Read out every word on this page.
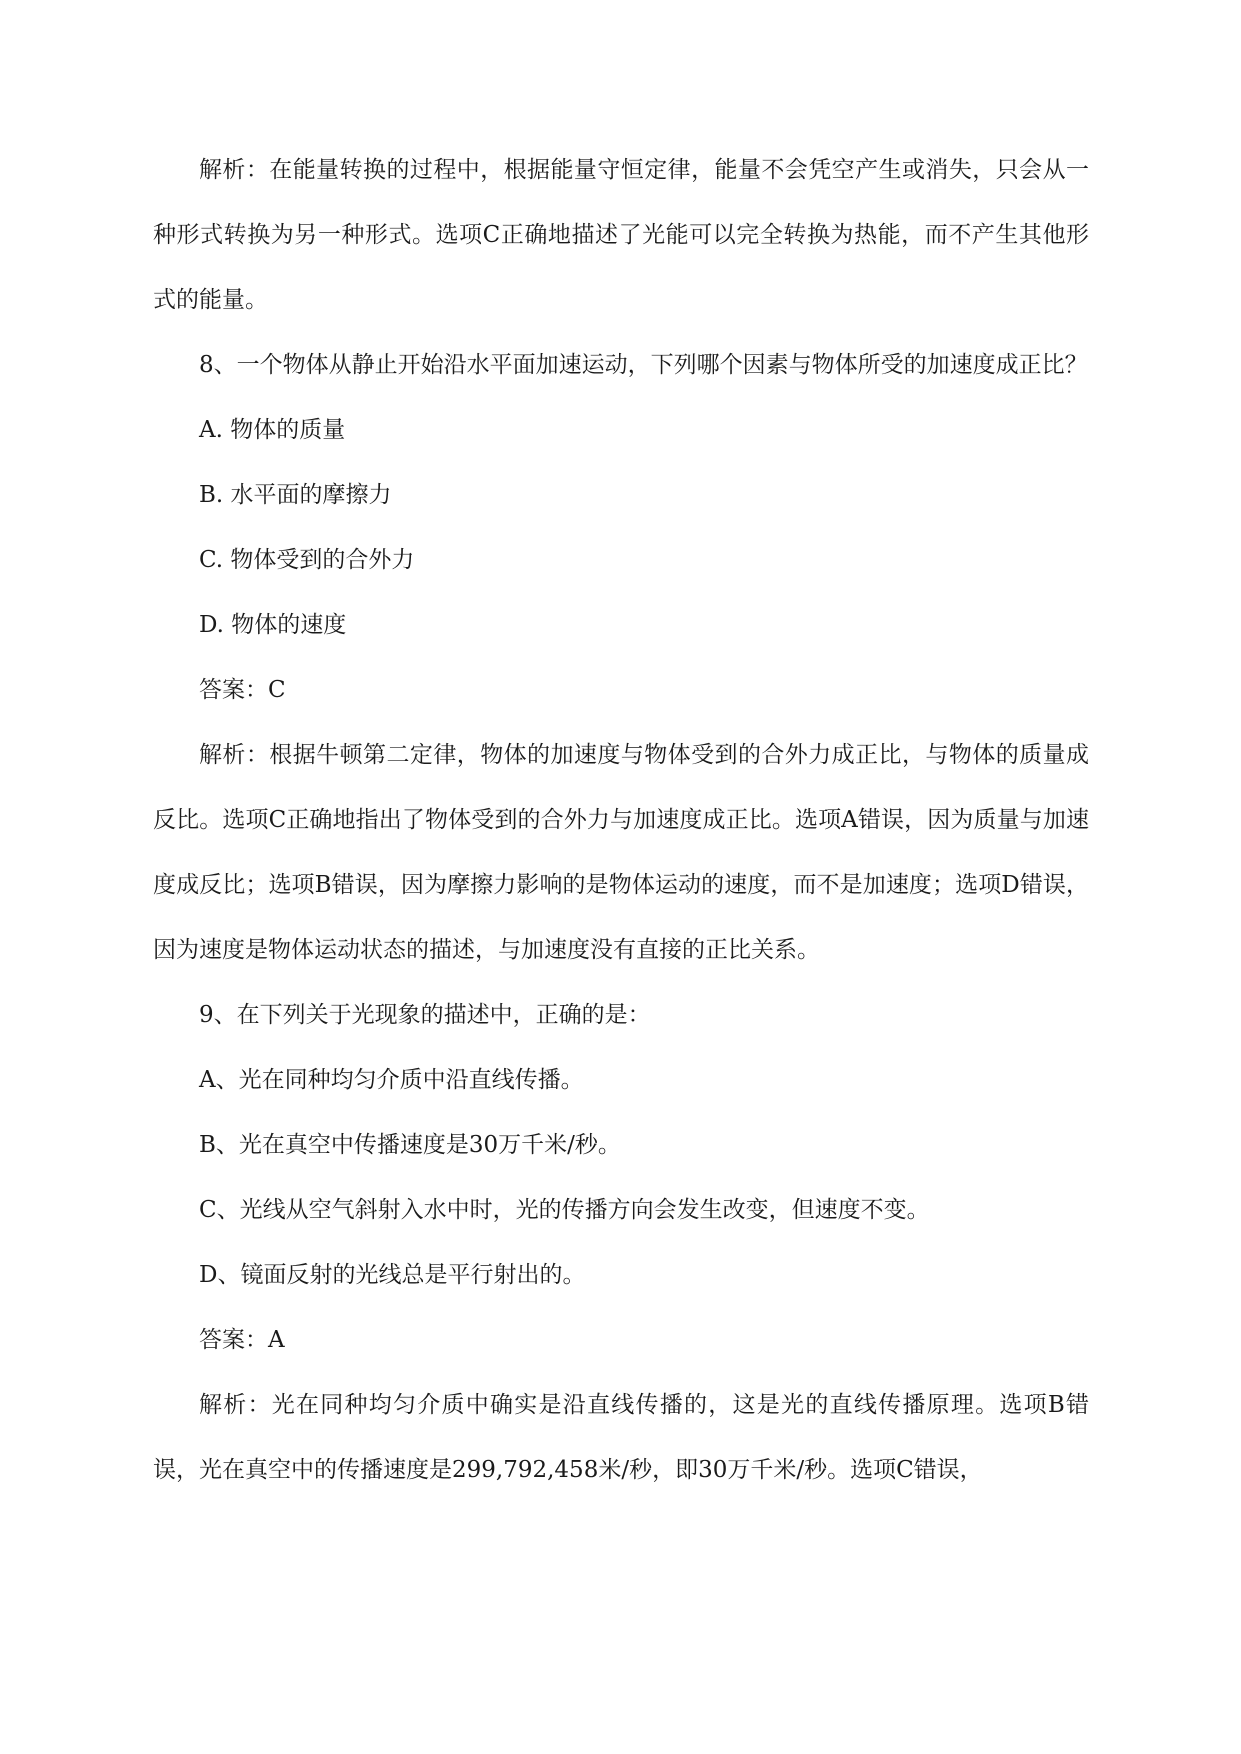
解析：在能量转换的过程中，根据能量守恒定律，能量不会凭空产生或消失，只会从一种形式转换为另一种形式。选项C正确地描述了光能可以完全转换为热能，而不产生其他形式的能量。

8、一个物体从静止开始沿水平面加速运动，下列哪个因素与物体所受的加速度成正比？

A. 物体的质量

B. 水平面的摩擦力

C. 物体受到的合外力

D. 物体的速度

答案：C

解析：根据牛顿第二定律，物体的加速度与物体受到的合外力成正比，与物体的质量成反比。选项C正确地指出了物体受到的合外力与加速度成正比。选项A错误，因为质量与加速度成反比；选项B错误，因为摩擦力影响的是物体运动的速度，而不是加速度；选项D错误，因为速度是物体运动状态的描述，与加速度没有直接的正比关系。

9、在下列关于光现象的描述中，正确的是：

A、光在同种均匀介质中沿直线传播。

B、光在真空中传播速度是30万千米/秒。

C、光线从空气斜射入水中时，光的传播方向会发生改变，但速度不变。

D、镜面反射的光线总是平行射出的。

答案：A

解析：光在同种均匀介质中确实是沿直线传播的，这是光的直线传播原理。选项B错误，光在真空中的传播速度是299,792,458米/秒，即30万千米/秒。选项C错误，
